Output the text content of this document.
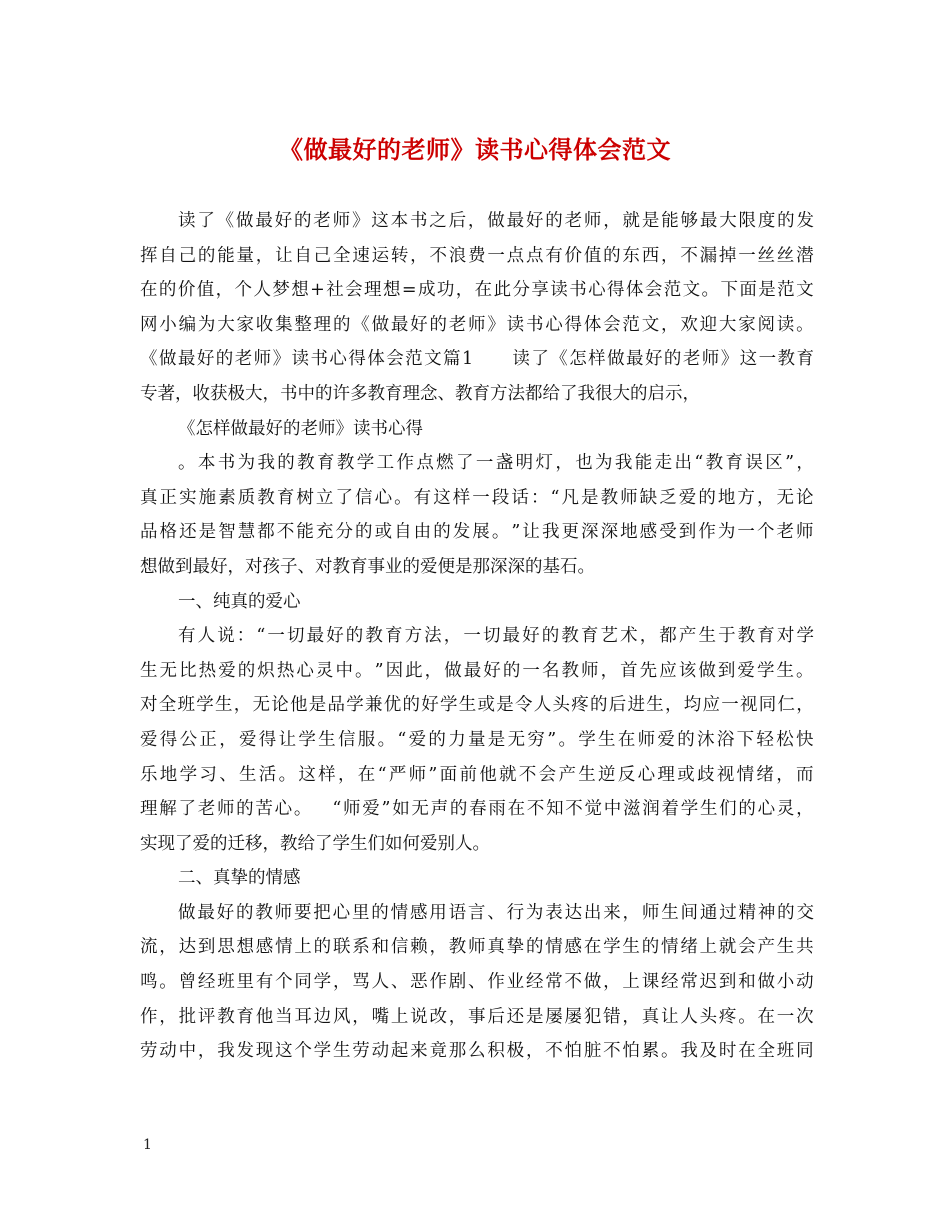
《做最好的老师》读书心得体会范文
读 了 《 做 最 好 的 老 师 》 这 本 书 之 后 ， 做 最 好 的 老 师 ， 就 是 能 够 最 大 限 度 的 发
挥 自 己 的 能 量 ， 让 自 己 全 速 运 转 ， 不 浪 费 一 点 点 有 价 值 的 东 西 ， 不 漏 掉 一 丝 丝 潜
在 的 价 值 ， 个 人 梦 想 + 社 会 理 想 = 成 功 ， 在 此 分 享 读 书 心 得 体 会 范 文 。 下 面 是 范 文
网 小 编 为 大 家 收 集 整 理 的 《 做 最 好 的 老 师 》 读 书 心 得 体 会 范 文 ， 欢 迎 大 家 阅 读 。
《 做 最 好 的 老 师 》 读 书 心 得 体 会 范 文 篇 1

　 读 了 《 怎 样 做 最 好 的 老 师 》 这 一 教 育
专著，收获极大，书中的许多教育理念、教育方法都给了我很大的启示，
《怎样做最好的老师》读书心得
。 本 书 为 我 的 教 育 教 学 工 作 点 燃 了 一 盏 明 灯 ， 也 为 我 能 走 出 “ 教 育 误 区 ” ，
真 正 实 施 素 质 教 育 树 立 了 信 心 。 有 这 样 一 段 话 ： “ 凡 是 教 师 缺 乏 爱 的 地 方 ， 无 论
品 格 还 是 智 慧 都 不 能 充 分 的 或 自 由 的 发 展 。 ” 让 我 更 深 深 地 感 受 到 作 为 一 个 老 师
想做到最好，对孩子、对教育事业的爱便是那深深的基石。
一、纯真的爱心
有 人 说 ： “ 一 切 最 好 的 教 育 方 法 ， 一 切 最 好 的 教 育 艺 术 ， 都 产 生 于 教 育 对 学
生 无 比 热 爱 的 炽 热 心 灵 中 。 ” 因 此 ， 做 最 好 的 一 名 教 师 ， 首 先 应 该 做 到 爱 学 生 。
对 全 班 学 生 ， 无 论 他 是 品 学 兼 优 的 好 学 生 或 是 令 人 头 疼 的 后 进 生 ， 均 应 一 视 同 仁 ，
爱 得 公 正 ， 爱 得 让 学 生 信 服 。 “ 爱 的 力 量 是 无 穷 ” 。 学 生 在 师 爱 的 沐 浴 下 轻 松 快
乐 地 学 习 、 生 活 。 这 样 ， 在 “ 严 师 ” 面 前 他 就 不 会 产 生 逆 反 心 理 或 歧 视 情 绪 ， 而
理 解 了 老 师 的 苦 心 。
　 “ 师 爱 ” 如 无 声 的 春 雨 在 不 知 不 觉 中 滋 润 着 学 生 们 的 心 灵 ，
实现了爱的迁移，教给了学生们如何爱别人。
二、真挚的情感
做 最 好 的 教 师 要 把 心 里 的 情 感 用 语 言 、 行 为 表 达 出 来 ， 师 生 间 通 过 精 神 的 交
流 ， 达 到 思 想 感 情 上 的 联 系 和 信 赖 ， 教 师 真 挚 的 情 感 在 学 生 的 情 绪 上 就 会 产 生 共
鸣 。 曾 经 班 里 有 个 同 学 ， 骂 人 、 恶 作 剧 、 作 业 经 常 不 做 ， 上 课 经 常 迟 到 和 做 小 动
作 ， 批 评 教 育 他 当 耳 边 风 ， 嘴 上 说 改 ， 事 后 还 是 屡 屡 犯 错 ， 真 让 人 头 疼 。 在 一 次
劳 动 中 ， 我 发 现 这 个 学 生 劳 动 起 来 竟 那 么 积 极 ， 不 怕 脏 不 怕 累 。 我 及 时 在 全 班 同
1
